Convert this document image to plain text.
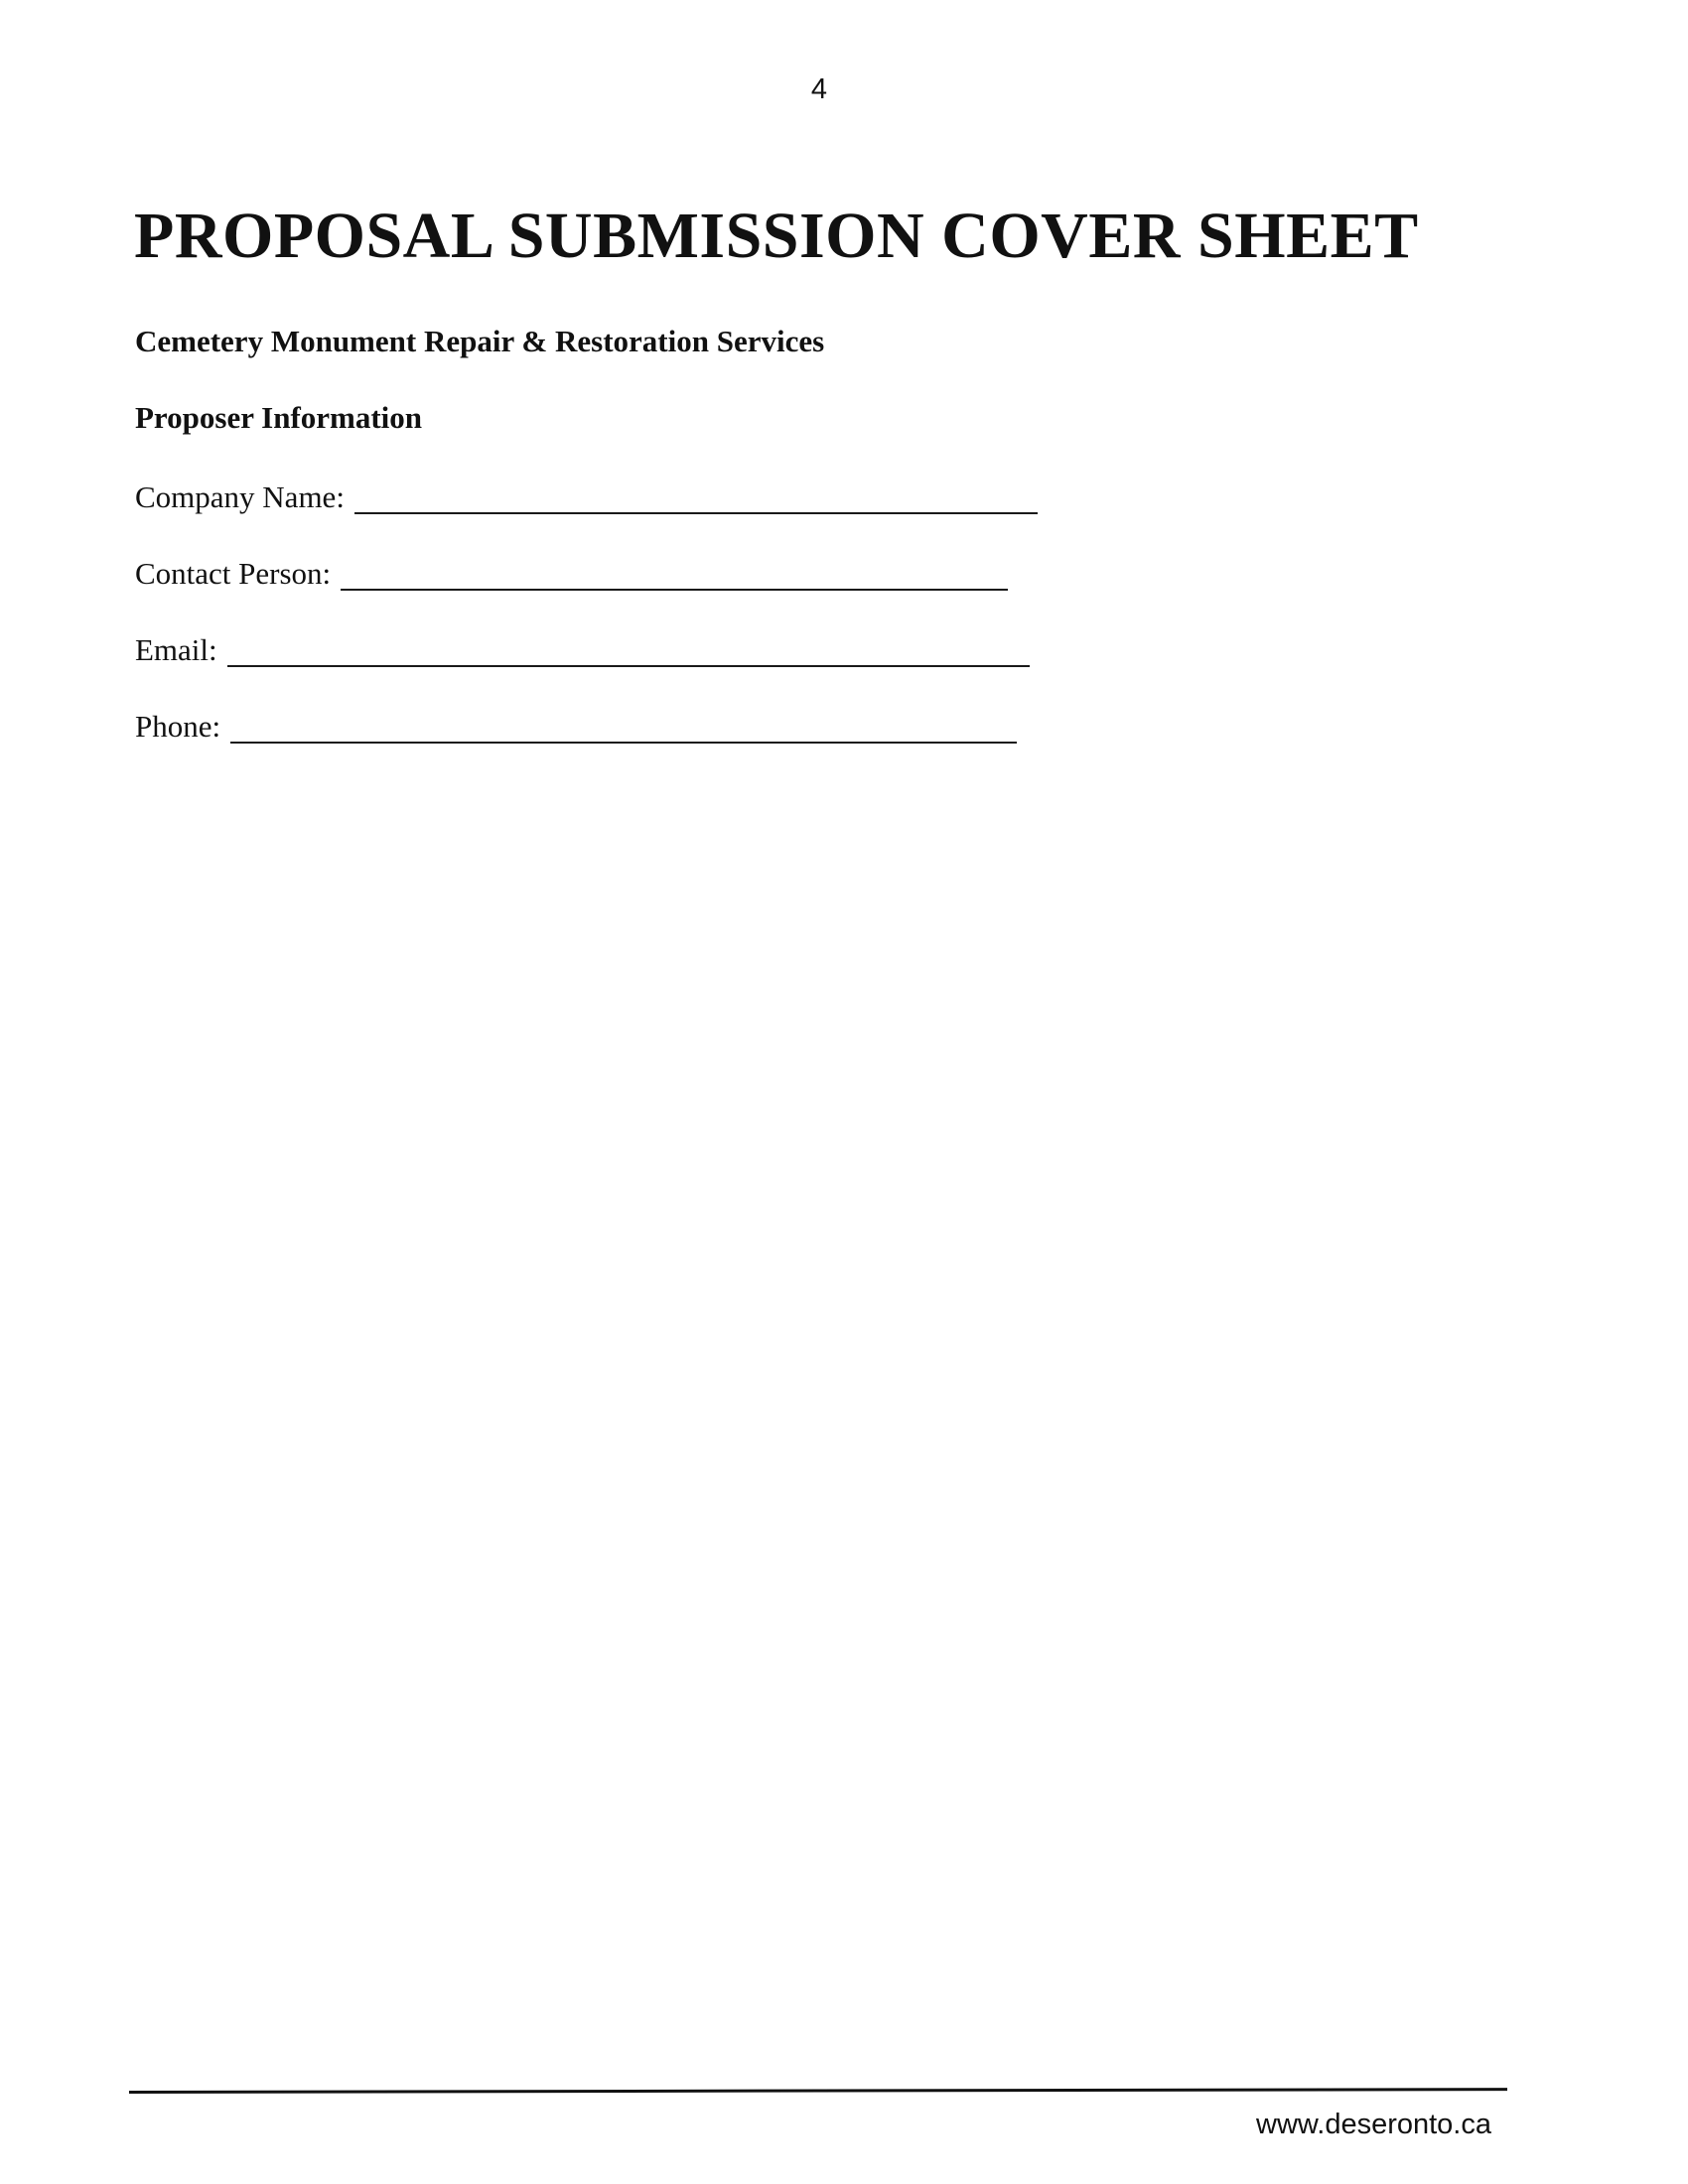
4
PROPOSAL SUBMISSION COVER SHEET
Cemetery Monument Repair & Restoration Services
Proposer Information
Company Name:
Contact Person:
Email:
Phone:
www.deseronto.ca
